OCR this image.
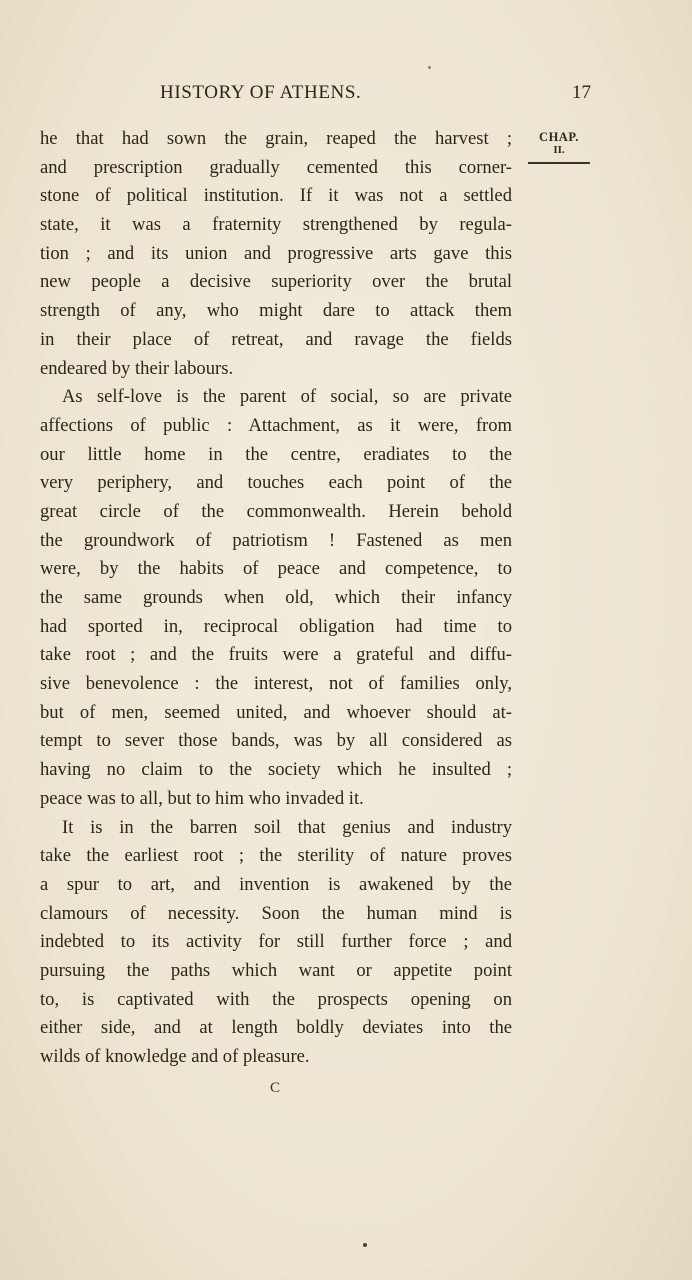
HISTORY OF ATHENS.	17
CHAP.
II.
he that had sown the grain, reaped the harvest ;
and prescription gradually cemented this corner-
stone of political institution. If it was not a settled
state, it was a fraternity strengthened by regula-
tion ; and its union and progressive arts gave this
new people a decisive superiority over the brutal
strength of any, who might dare to attack them
in their place of retreat, and ravage the fields
endeared by their labours.
As self-love is the parent of social, so are private
affections of public : Attachment, as it were, from
our little home in the centre, eradiates to the
very periphery, and touches each point of the
great circle of the commonwealth. Herein behold
the groundwork of patriotism ! Fastened as men
were, by the habits of peace and competence, to
the same grounds when old, which their infancy
had sported in, reciprocal obligation had time to
take root ; and the fruits were a grateful and diffu-
sive benevolence : the interest, not of families only,
but of men, seemed united, and whoever should at-
tempt to sever those bands, was by all considered as
having no claim to the society which he insulted ;
peace was to all, but to him who invaded it.
It is in the barren soil that genius and industry
take the earliest root ; the sterility of nature proves
a spur to art, and invention is awakened by the
clamours of necessity. Soon the human mind is
indebted to its activity for still further force ; and
pursuing the paths which want or appetite point
to, is captivated with the prospects opening on
either side, and at length boldly deviates into the
wilds of knowledge and of pleasure.
C
